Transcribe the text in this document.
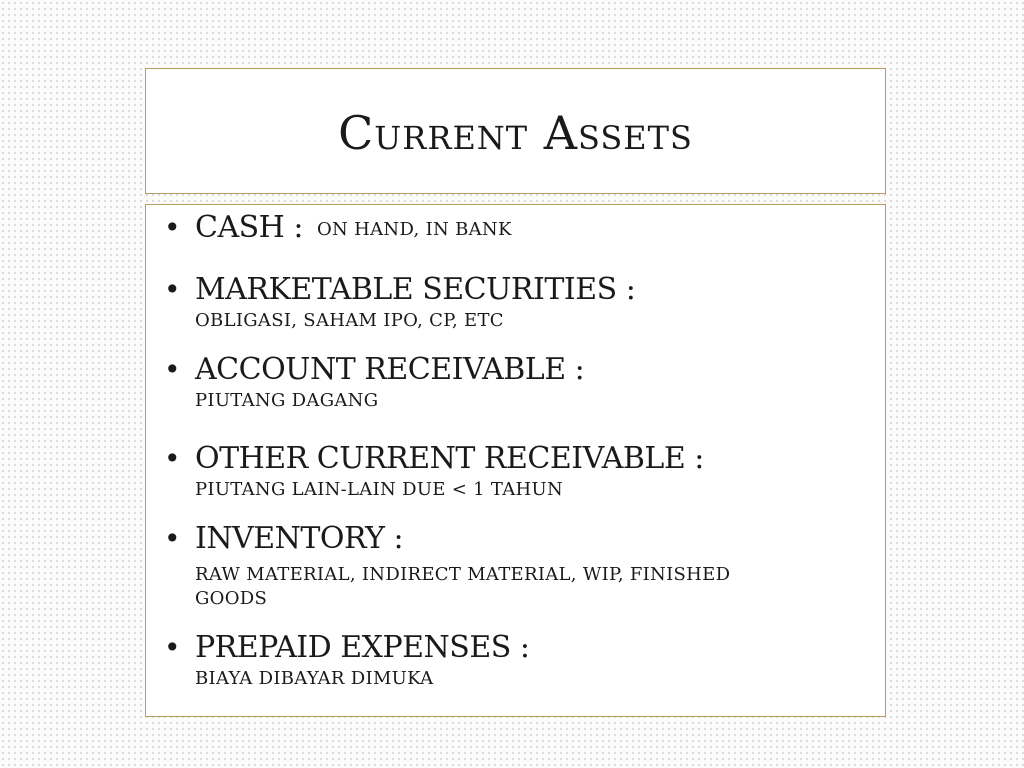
Current Assets
• CASH : ON HAND, IN BANK
• MARKETABLE SECURITIES :
OBLIGASI, SAHAM IPO, CP, ETC
• ACCOUNT RECEIVABLE :
PIUTANG DAGANG
• OTHER CURRENT RECEIVABLE :
PIUTANG LAIN-LAIN DUE < 1 TAHUN
• INVENTORY :
RAW MATERIAL, INDIRECT MATERIAL, WIP, FINISHED
GOODS
• PREPAID EXPENSES :
BIAYA DIBAYAR DIMUKA
